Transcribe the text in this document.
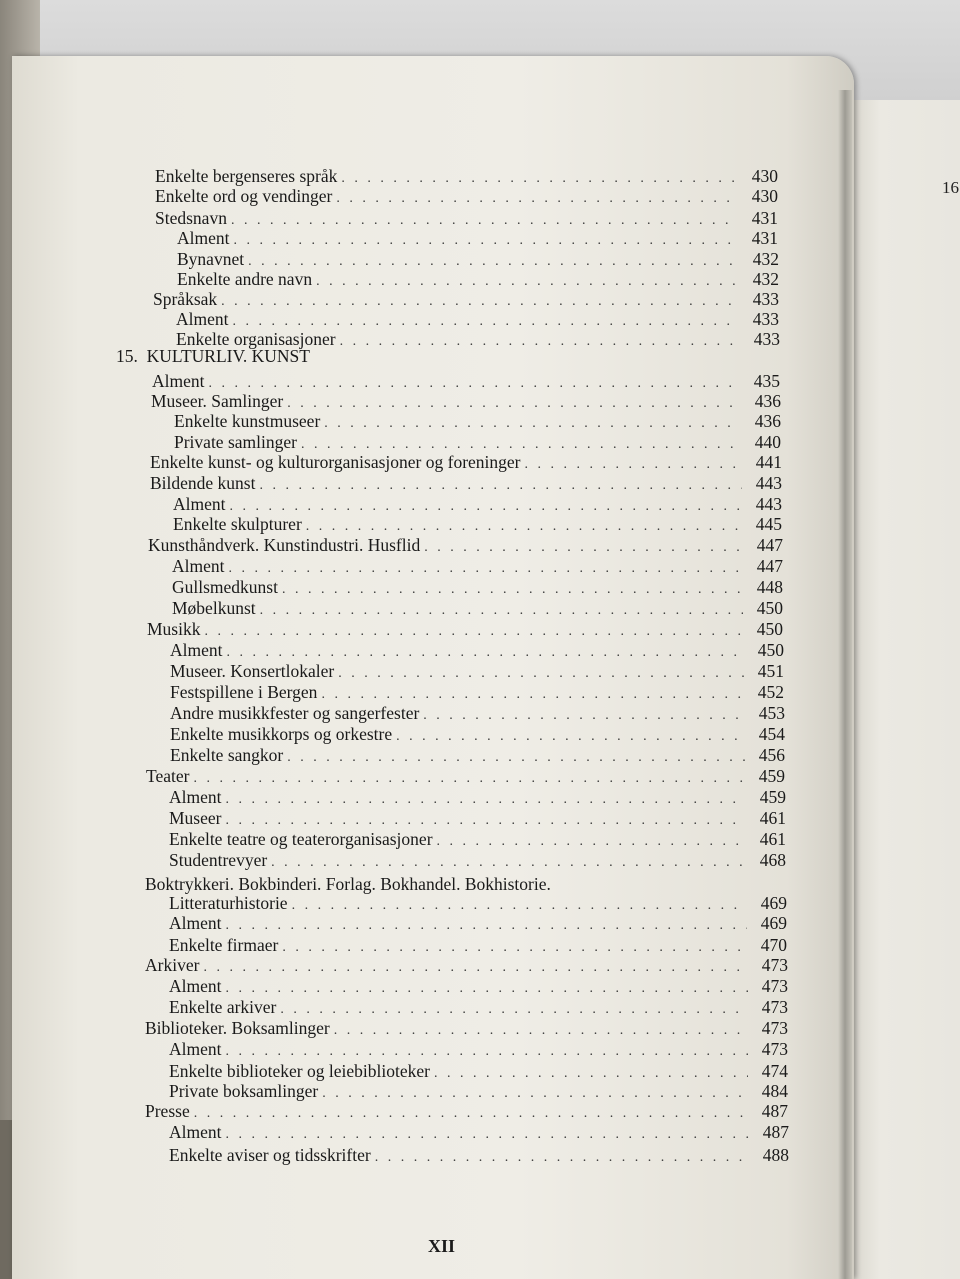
16
15. KULTURLIV. KUNST
Enkelte bergenseres språk . . .	430
Enkelte ord og vendinger . . .	430
Stedsnavn . . .	431
Alment . . .	431
Bynavnet . . .	432
Enkelte andre navn . . .	432
Språksak . . .	433
Alment . . .	433
Enkelte organisasjoner . . .	433
Alment . . .	435
Museer. Samlinger . . .	436
Enkelte kunstmuseer . . .	436
Private samlinger . . .	440
Enkelte kunst- og kulturorganisasjoner og foreninger . . .	441
Bildende kunst . . .	443
Alment . . .	443
Enkelte skulpturer . . .	445
Kunsthåndverk. Kunstindustri. Husflid . . .	447
Alment . . .	447
Gullsmedkunst . . .	448
Møbelkunst . . .	450
Musikk . . .	450
Alment . . .	450
Museer. Konsertlokaler . . .	451
Festspillene i Bergen . . .	452
Andre musikkfester og sangerfester . . .	453
Enkelte musikkorps og orkestre . . .	454
Enkelte sangkor . . .	456
Teater . . .	459
Alment . . .	459
Museer . . .	461
Enkelte teatre og teaterorganisasjoner . . .	461
Studentrevyer . . .	468
Boktrykkeri. Bokbinderi. Forlag. Bokhandel. Bokhistorie.
Litteraturhistorie . . .	469
Alment . . .	469
Enkelte firmaer . . .	470
Arkiver . . .	473
Alment . . .	473
Enkelte arkiver . . .	473
Biblioteker. Boksamlinger . . .	473
Alment . . .	473
Enkelte biblioteker og leiebiblioteker . . .	474
Private boksamlinger . . .	484
Presse . . .	487
Alment . . .	487
Enkelte aviser og tidsskrifter . . .	488
XII
